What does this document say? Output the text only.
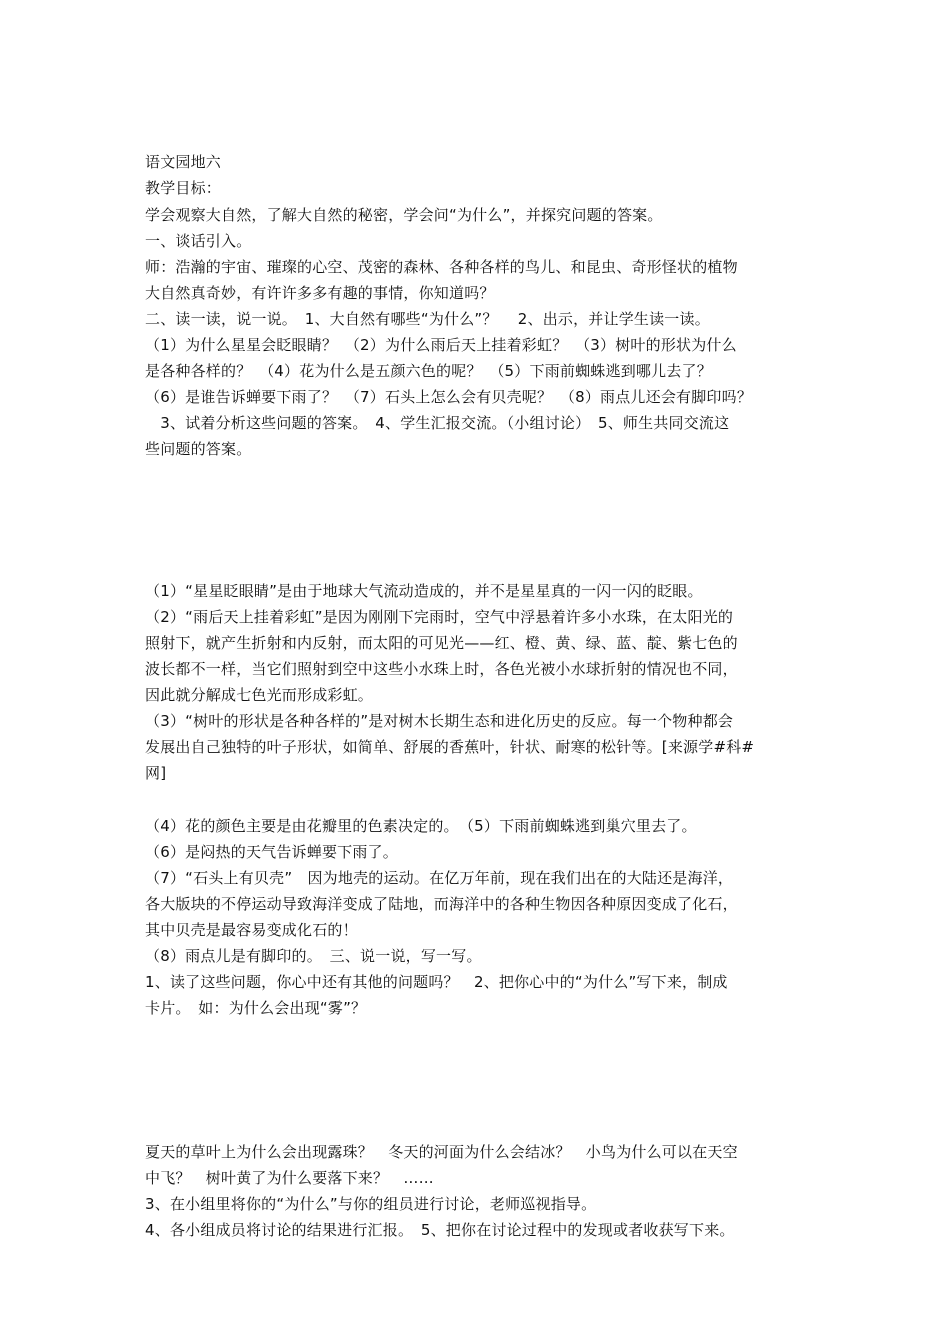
语文园地六
教学目标：
学会观察大自然，了解大自然的秘密，学会问“为什么”，并探究问题的答案。
一、谈话引入。
师：浩瀚的宇宙、璀璨的心空、茂密的森林、各种各样的鸟儿、和昆虫、奇形怪状的植物
大自然真奇妙，有许许多多有趣的事情，你知道吗？
二、读一读，说一说。　1、大自然有哪些“为什么”？　 2、出示，并让学生读一读。
（1）为什么星星会眨眼睛？　（2）为什么雨后天上挂着彩虹？　（3）树叶的形状为什么
是各种各样的？　（4）花为什么是五颜六色的呢？　（5）下雨前蜘蛛逃到哪儿去了？
（6）是谁告诉蝉要下雨了？　（7）石头上怎么会有贝壳呢？　（8）雨点儿还会有脚印吗？
　3、试着分析这些问题的答案。　4、学生汇报交流。（小组讨论）　5、师生共同交流这
些问题的答案。
（1）“星星眨眼睛”是由于地球大气流动造成的，并不是星星真的一闪一闪的眨眼。
（2）“雨后天上挂着彩虹”是因为刚刚下完雨时，空气中浮悬着许多小水珠，在太阳光的
照射下，就产生折射和内反射，而太阳的可见光——红、橙、黄、绿、蓝、靛、紫七色的
波长都不一样，当它们照射到空中这些小水珠上时，各色光被小水球折射的情况也不同，
因此就分解成七色光而形成彩虹。
（3）“树叶的形状是各种各样的”是对树木长期生态和进化历史的反应。每一个物种都会
发展出自己独特的叶子形状，如简单、舒展的香蕉叶，针状、耐寒的松针等。[来源学#科#
网]
（4）花的颜色主要是由花瓣里的色素决定的。　（5）下雨前蜘蛛逃到巢穴里去了。
（6）是闷热的天气告诉蝉要下雨了。
（7）“石头上有贝壳”　因为地壳的运动。在亿万年前，现在我们出在的大陆还是海洋，
各大版块的不停运动导致海洋变成了陆地，而海洋中的各种生物因各种原因变成了化石，
其中贝壳是最容易变成化石的！
（8）雨点儿是有脚印的。　三、说一说，写一写。
1、读了这些问题，你心中还有其他的问题吗？　2、把你心中的“为什么”写下来，制成
卡片。　如：为什么会出现“雾”？
夏天的草叶上为什么会出现露珠？　冬天的河面为什么会结冰？　小鸟为什么可以在天空
中飞？　树叶黄了为什么要落下来？　……
3、在小组里将你的“为什么”与你的组员进行讨论，老师巡视指导。
4、各小组成员将讨论的结果进行汇报。　5、把你在讨论过程中的发现或者收获写下来。
